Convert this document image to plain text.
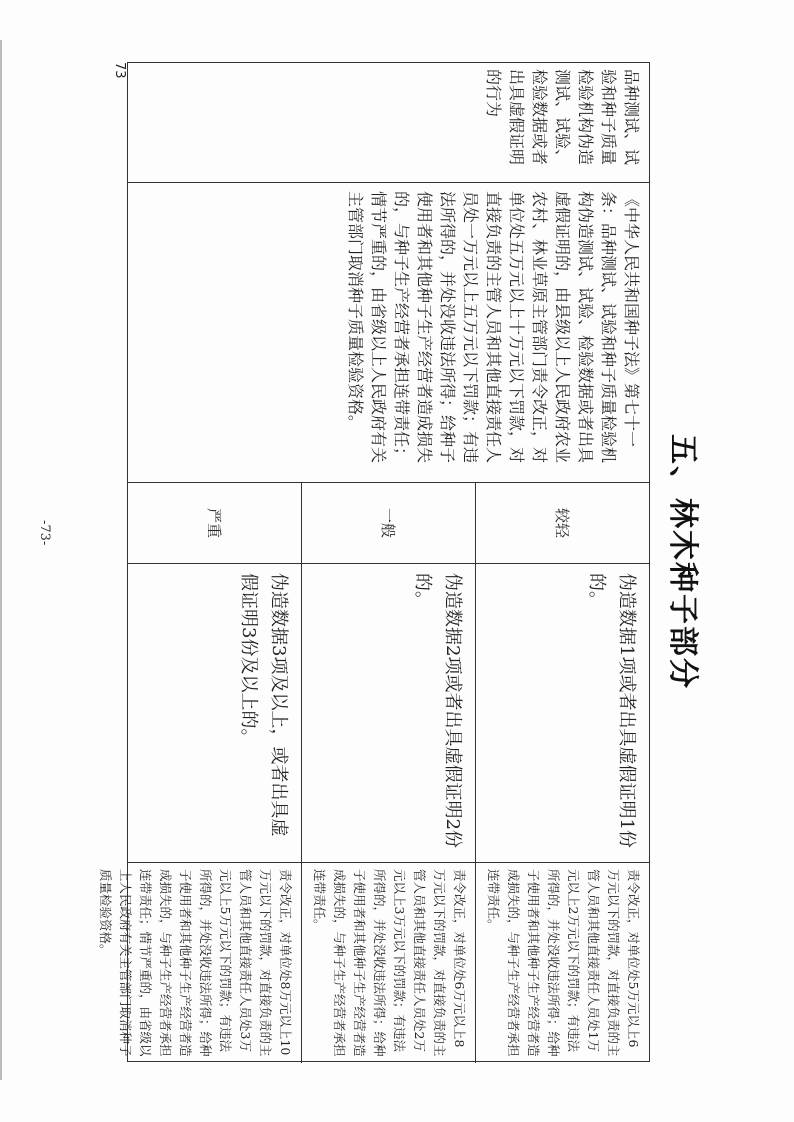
-73-	五、林木种子部分
品种测试、试验和种子质量检验机构伪造测试、试验、检验数据或者出具虚假证明的行为
《中华人民共和国种子法》第七十一条：品种测试、试验和种子质量检验机构伪造测试、试验、检验数据或者出具虚假证明的，由县级以上人民政府农业农村、林业草原主管部门责令改正，对单位处五万元以上十万元以下罚款，对直接负责的主管人员和其他直接责任人员处一万元以上五万元以下罚款；有违法所得的，并处没收违法所得；给种子使用者和其他种子生产经营者造成损失的，与种子生产经营者承担连带责任；情节严重的，由省级以上人民政府有关主管部门取消种子质量检验资格。
较轻
伪造数据1项或者出具虚假证明1份的。
责令改正，对单位处5万元以上6万元以下的罚款，对直接负责的主管人员和其他直接责任人员处1万元以上2万元以下的罚款；有违法所得的，并处没收违法所得；给种子使用者和其他种子生产经营者造成损失的，与种子生产经营者承担连带责任。
一般
伪造数据2项或者出具虚假证明2份的。
责令改正，对单位处6万元以上8万元以下的罚款，对直接负责的主管人员和其他直接责任人员处2万元以上3万元以下的罚款；有违法所得的，并处没收违法所得；给种子使用者和其他种子生产经营者造成损失的，与种子生产经营者承担连带责任。
严重
伪造数据3项及以上，或者出具虚假证明3份及以上的。
责令改正，对单位处8万元以上10万元以下的罚款，对直接负责的主管人员和其他直接责任人员处3万元以上5万元以下的罚款；有违法所得的，并处没收违法所得；给种子使用者和其他种子生产经营者造成损失的，与种子生产经营者承担连带责任；情节严重的，由省级以上人民政府有关主管部门取消种子质量检验资格。
73
